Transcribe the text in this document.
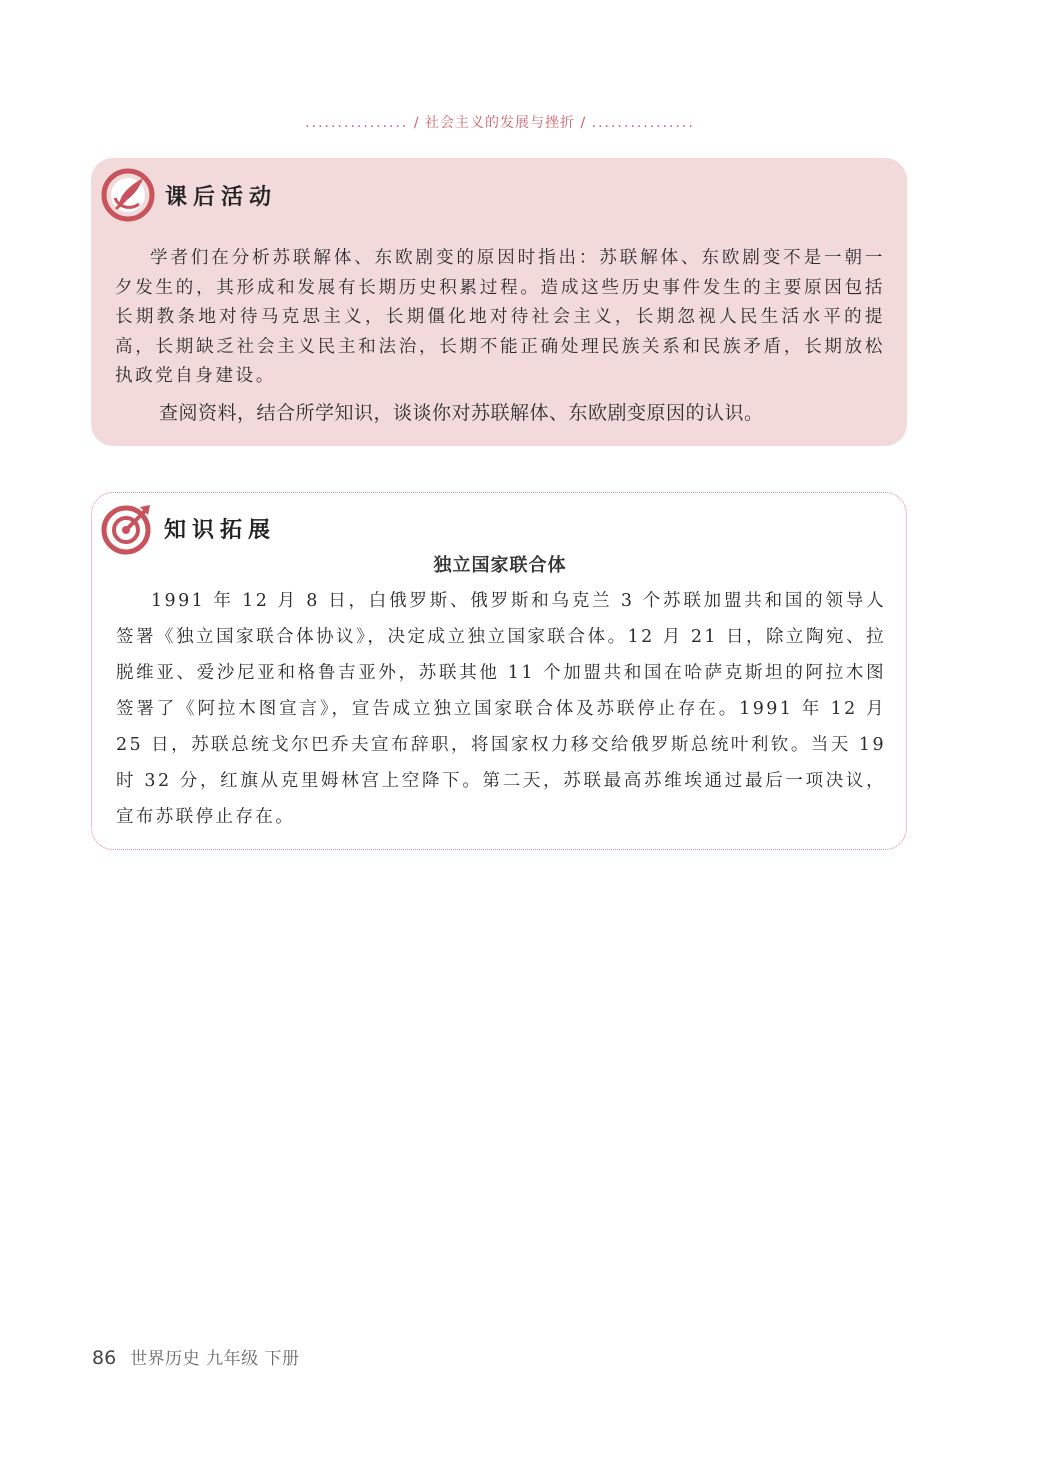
................ / 社会主义的发展与挫折 / ................
课后活动

学者们在分析苏联解体、东欧剧变的原因时指出：苏联解体、东欧剧变不是一朝一夕发生的，其形成和发展有长期历史积累过程。造成这些历史事件发生的主要原因包括长期教条地对待马克思主义，长期僵化地对待社会主义，长期忽视人民生活水平的提高，长期缺乏社会主义民主和法治，长期不能正确处理民族关系和民族矛盾，长期放松执政党自身建设。

查阅资料，结合所学知识，谈谈你对苏联解体、东欧剧变原因的认识。

知识拓展
独立国家联合体

1991 年 12 月 8 日，白俄罗斯、俄罗斯和乌克兰 3 个苏联加盟共和国的领导人签署《独立国家联合体协议》，决定成立独立国家联合体。12 月 21 日，除立陶宛、拉脱维亚、爱沙尼亚和格鲁吉亚外，苏联其他 11 个加盟共和国在哈萨克斯坦的阿拉木图签署了《阿拉木图宣言》，宣告成立独立国家联合体及苏联停止存在。1991 年 12 月 25 日，苏联总统戈尔巴乔夫宣布辞职，将国家权力移交给俄罗斯总统叶利钦。当天 19 时 32 分，红旗从克里姆林宫上空降下。第二天，苏联最高苏维埃通过最后一项决议，宣布苏联停止存在。

86 世界历史 九年级 下册
